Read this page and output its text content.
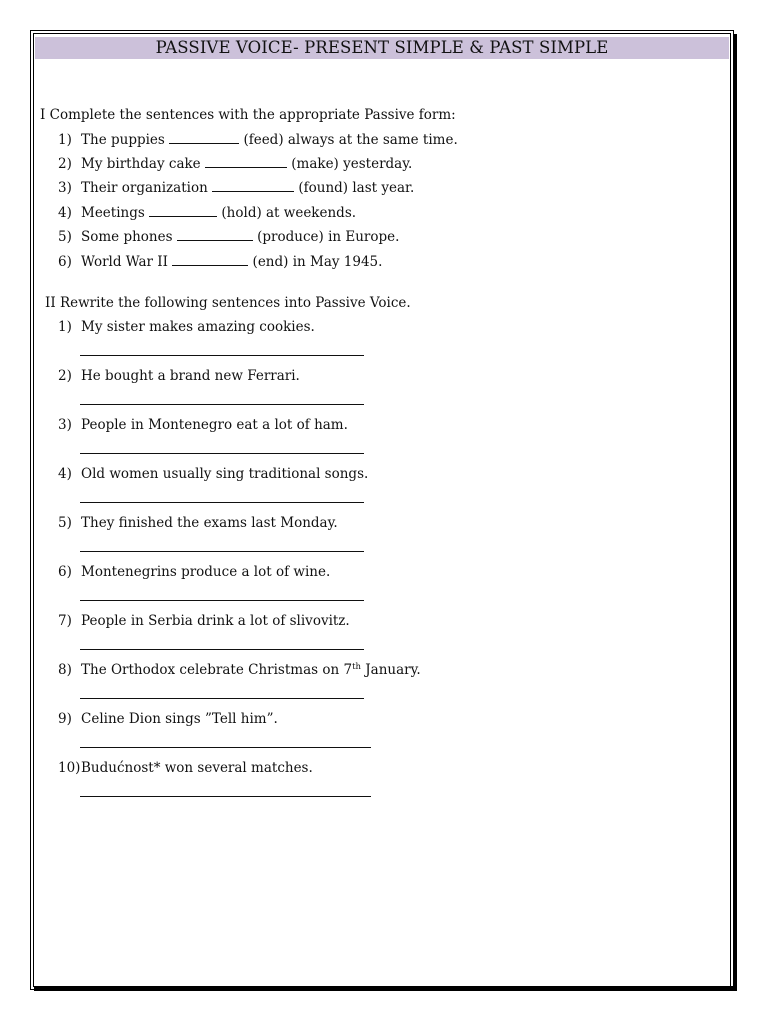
PASSIVE VOICE- PRESENT SIMPLE & PAST SIMPLE
I Complete the sentences with the appropriate Passive form:
1) The puppies	(feed) always at the same time.
2) My birthday cake	(make) yesterday.
3) Their organization	(found) last year.
4) Meetings	(hold) at weekends.
5) Some phones	(produce) in Europe.
6) World War II	(end) in May 1945.
II Rewrite the following sentences into Passive Voice.
1) My sister makes amazing cookies.
2) He bought a brand new Ferrari.
3) People in Montenegro eat a lot of ham.
4) Old women usually sing traditional songs.
5) They finished the exams last Monday.
6) Montenegrins produce a lot of wine.
7) People in Serbia drink a lot of slivovitz.
8) The Orthodox celebrate Christmas on 7th January.
9) Celine Dion sings ”Tell him”.
10) Budućnost* won several matches.
